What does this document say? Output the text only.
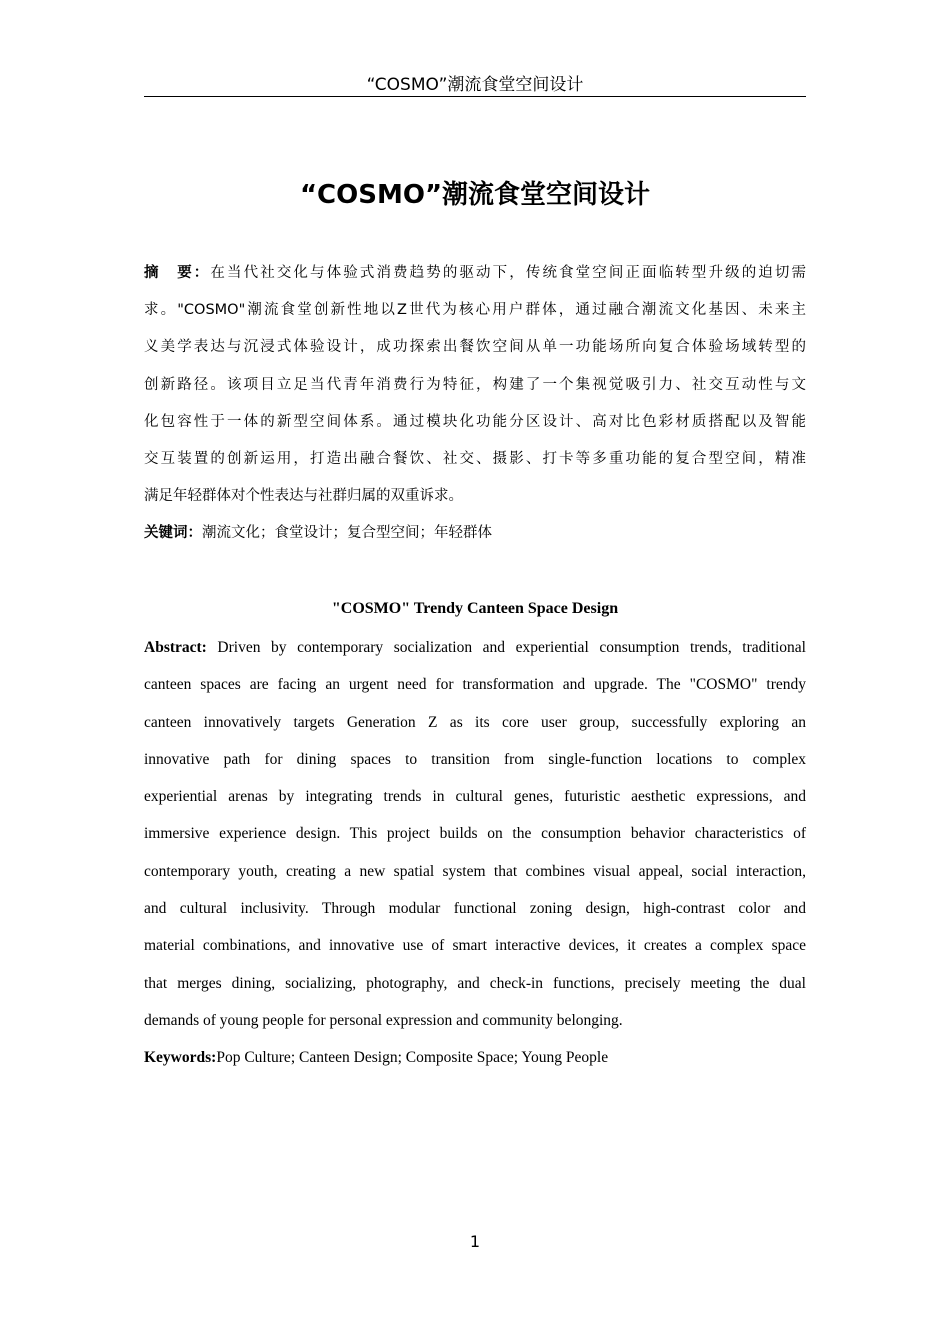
“COSMO”潮流食堂空间设计
“COSMO”潮流食堂空间设计
摘　要：在当代社交化与体验式消费趋势的驱动下，传统食堂空间正面临转型升级的迫切需
求。"COSMO"潮流食堂创新性地以Z世代为核心用户群体，通过融合潮流文化基因、未来主
义美学表达与沉浸式体验设计，成功探索出餐饮空间从单一功能场所向复合体验场域转型的
创新路径。该项目立足当代青年消费行为特征，构建了一个集视觉吸引力、社交互动性与文
化包容性于一体的新型空间体系。通过模块化功能分区设计、高对比色彩材质搭配以及智能
交互装置的创新运用，打造出融合餐饮、社交、摄影、打卡等多重功能的复合型空间，精准
满足年轻群体对个性表达与社群归属的双重诉求。
关键词：潮流文化；食堂设计；复合型空间；年轻群体
"COSMO" Trendy Canteen Space Design
Abstract: Driven by contemporary socialization and experiential consumption trends, traditional
canteen spaces are facing an urgent need for transformation and upgrade. The "COSMO" trendy
canteen innovatively targets Generation Z as its core user group, successfully exploring an
innovative path for dining spaces to transition from single-function locations to complex
experiential arenas by integrating trends in cultural genes, futuristic aesthetic expressions, and
immersive experience design. This project builds on the consumption behavior characteristics of
contemporary youth, creating a new spatial system that combines visual appeal, social interaction,
and cultural inclusivity. Through modular functional zoning design, high-contrast color and
material combinations, and innovative use of smart interactive devices, it creates a complex space
that merges dining, socializing, photography, and check-in functions, precisely meeting the dual
demands of young people for personal expression and community belonging.
Keywords:Pop Culture; Canteen Design; Composite Space; Young People
1
